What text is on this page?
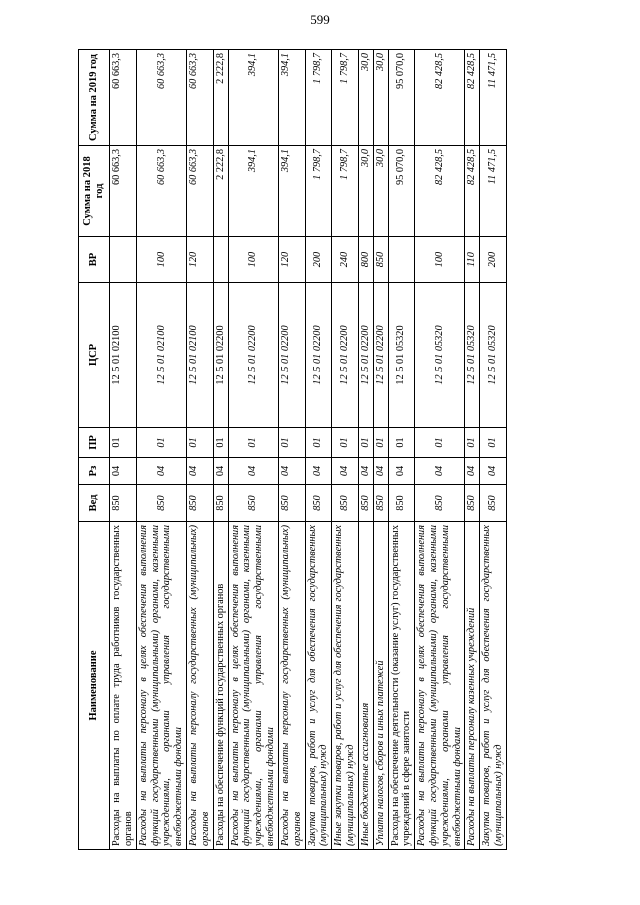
599
Наименование	Вед	Рз	ПР	ЦСР	ВР	Сумма на 2018 год	Сумма на 2019 год
Расходы на выплаты по оплате труда работников государственных органов	850	04	01	12 5 01 02100		60 663,3	60 663,3
Расходы на выплаты персоналу в целях обеспечения выполнения функций государственными (муниципальными) органами, казенными учреждениями, органами управления государственными внебюджетными фондами	850	04	01	12 5 01 02100	100	60 663,3	60 663,3
Расходы на выплаты персоналу государственных (муниципальных) органов	850	04	01	12 5 01 02100	120	60 663,3	60 663,3
Расходы на обеспечение функций государственных органов	850	04	01	12 5 01 02200		2 222,8	2 222,8
Расходы на выплаты персоналу в целях обеспечения выполнения функций государственными (муниципальными) органами, казенными учреждениями, органами управления государственными внебюджетными фондами	850	04	01	12 5 01 02200	100	394,1	394,1
Расходы на выплаты персоналу государственных (муниципальных) органов	850	04	01	12 5 01 02200	120	394,1	394,1
Закупка товаров, работ и услуг для обеспечения государственных (муниципальных) нужд	850	04	01	12 5 01 02200	200	1 798,7	1 798,7
Иные закупки товаров, работ и услуг для обеспечения государственных (муниципальных) нужд	850	04	01	12 5 01 02200	240	1 798,7	1 798,7
Иные бюджетные ассигнования	850	04	01	12 5 01 02200	800	30,0	30,0
Уплата налогов, сборов и иных платежей	850	04	01	12 5 01 02200	850	30,0	30,0
Расходы на обеспечение деятельности (оказание услуг) государственных учреждений в сфере занятости	850	04	01	12 5 01 05320		95 070,0	95 070,0
Расходы на выплаты персоналу в целях обеспечения выполнения функций государственными (муниципальными) органами, казенными учреждениями, органами управления государственными внебюджетными фондами	850	04	01	12 5 01 05320	100	82 428,5	82 428,5
Расходы на выплаты персоналу казенных учреждений	850	04	01	12 5 01 05320	110	82 428,5	82 428,5
Закупка товаров, работ и услуг для обеспечения государственных (муниципальных) нужд	850	04	01	12 5 01 05320	200	11 471,5	11 471,5
